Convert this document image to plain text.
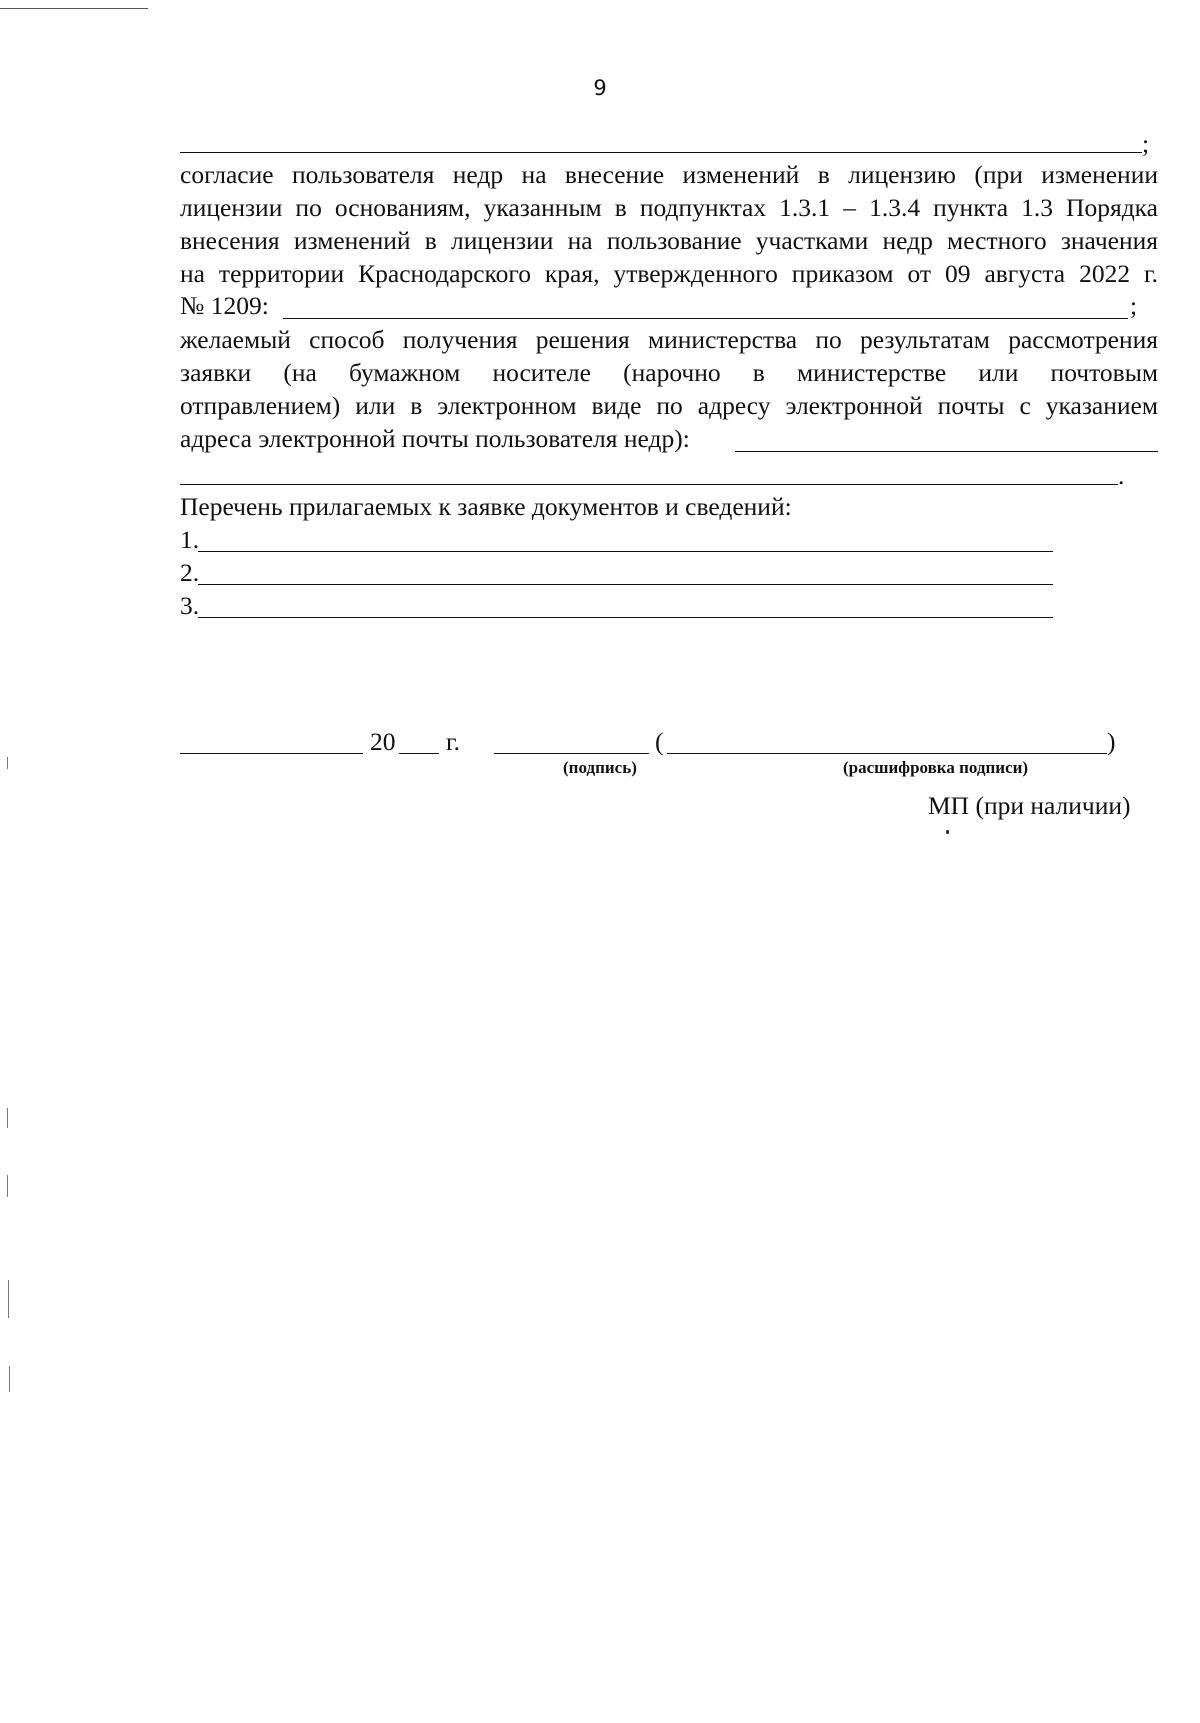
9
;
согласие пользователя недр на внесение изменений в лицензию (при изменении
лицензии по основаниям, указанным в подпунктах 1.3.1 – 1.3.4 пункта 1.3 Порядка
внесения изменений в лицензии на пользование участками недр местного значения
на территории Краснодарского края, утвержденного приказом от 09 августа 2022 г.
№ 1209:	;
желаемый способ получения решения министерства по результатам рассмотрения
заявки (на бумажном носителе (нарочно в министерстве или почтовым
отправлением) или в электронном виде по адресу электронной почты с указанием
адреса электронной почты пользователя недр):
.
Перечень прилагаемых к заявке документов и сведений:
1.
2.
3.
20 г.	(	)
(подпись)	(расшифровка подписи)
МП (при наличии)
